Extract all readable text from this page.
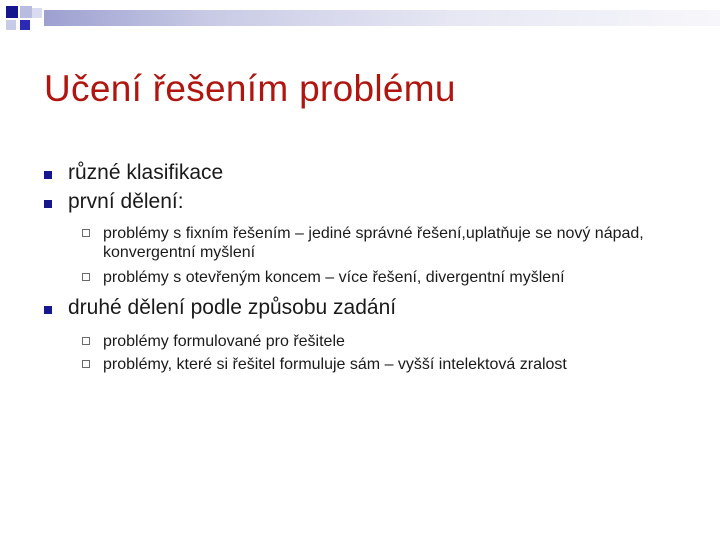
Učení řešením problému
různé klasifikace
první dělení:
problémy s fixním řešením – jediné správné řešení,uplatňuje se nový nápad, konvergentní myšlení
problémy s otevřeným koncem – více řešení, divergentní myšlení
druhé dělení podle způsobu zadání
problémy formulované pro řešitele
problémy, které si řešitel formuluje sám – vyšší intelektová zralost
